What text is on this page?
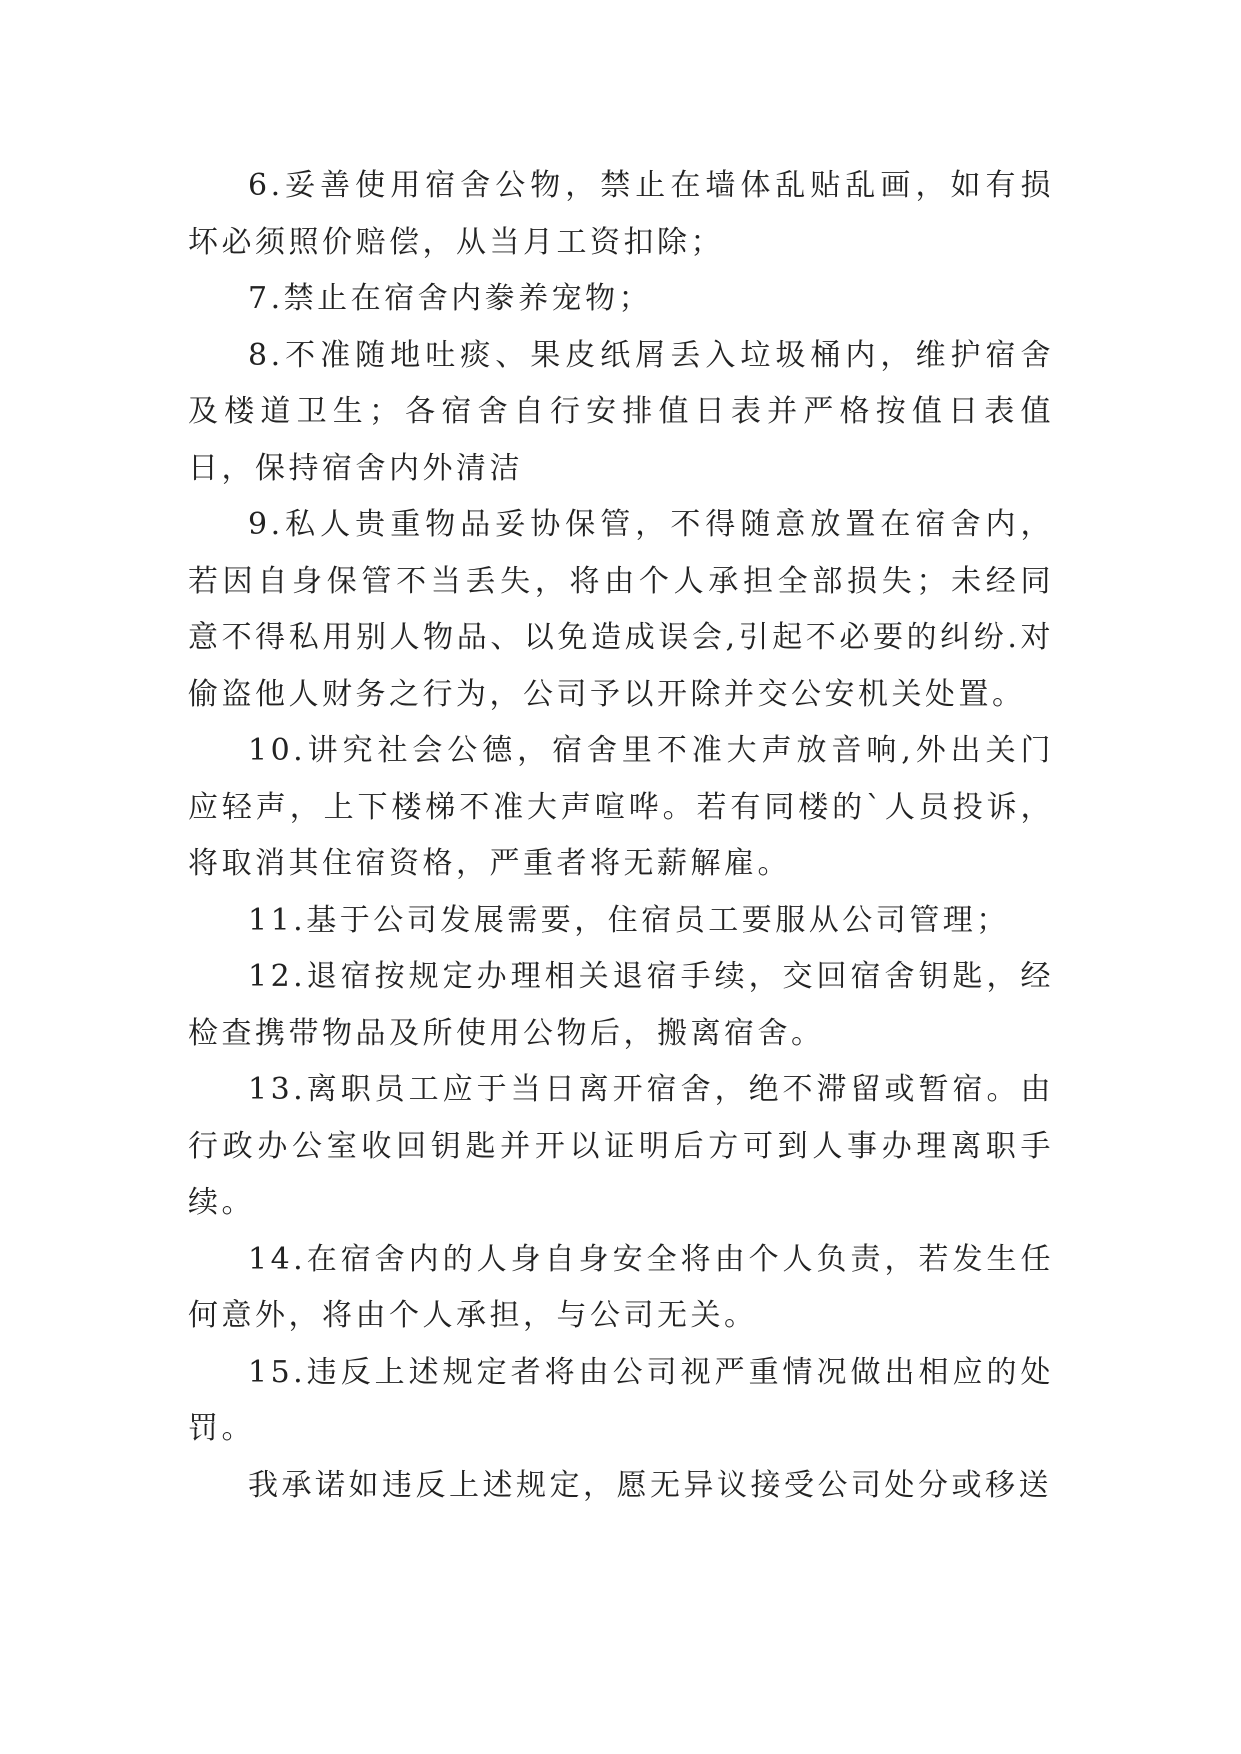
6.妥善使用宿舍公物，禁止在墙体乱贴乱画，如有损坏必须照价赔偿，从当月工资扣除；

7.禁止在宿舍内豢养宠物；

8.不准随地吐痰、果皮纸屑丢入垃圾桶内，维护宿舍及楼道卫生；各宿舍自行安排值日表并严格按值日表值日，保持宿舍内外清洁

9.私人贵重物品妥协保管，不得随意放置在宿舍内，若因自身保管不当丢失，将由个人承担全部损失；未经同意不得私用别人物品、以免造成误会,引起不必要的纠纷.对偷盗他人财务之行为，公司予以开除并交公安机关处置。

10.讲究社会公德，宿舍里不准大声放音响,外出关门应轻声，上下楼梯不准大声喧哗。若有同楼的`人员投诉，将取消其住宿资格，严重者将无薪解雇。

11.基于公司发展需要，住宿员工要服从公司管理；

12.退宿按规定办理相关退宿手续，交回宿舍钥匙，经检查携带物品及所使用公物后，搬离宿舍。

13.离职员工应于当日离开宿舍，绝不滞留或暂宿。由行政办公室收回钥匙并开以证明后方可到人事办理离职手续。

14.在宿舍内的人身自身安全将由个人负责，若发生任何意外，将由个人承担，与公司无关。

15.违反上述规定者将由公司视严重情况做出相应的处罚。

我承诺如违反上述规定，愿无异议接受公司处分或移送
